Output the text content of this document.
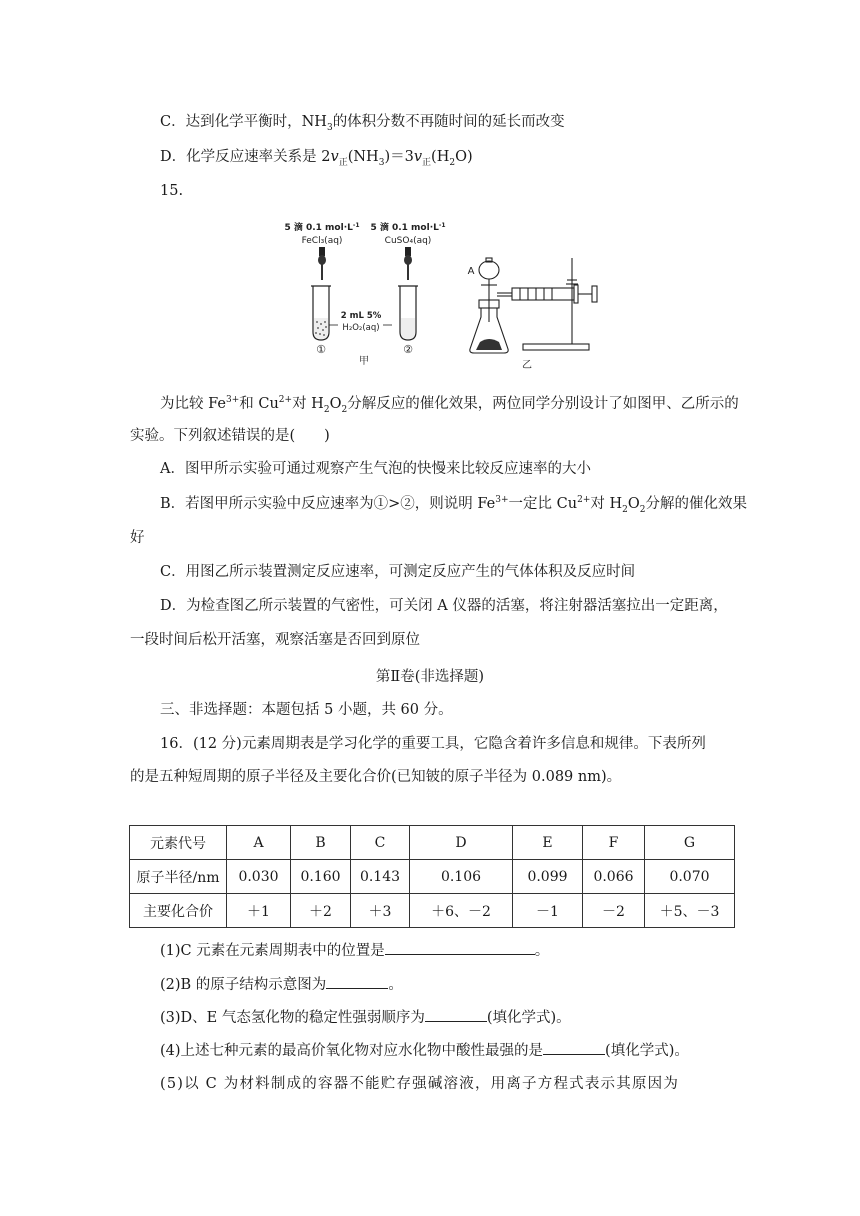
C．达到化学平衡时，$NH_3$的体积分数不再随时间的延长而改变
D．化学反应速率关系是 $2v_正(NH_3)=3v_正(H_2O)$
15.
5 滴 0.1 $mol\cdot L^{-1}$
FeCl₃(aq)
①
2 mL 5%
H₂O₂(aq)
5 滴 0.1 $mol\cdot L^{-1}$
CuSO₄(aq)
②
甲
A
乙
为比较 $Fe^{3+}$和 $Cu^{2+}$对 $H_2O_2$分解反应的催化效果，两位同学分别设计了如图甲、乙所示的
实验。下列叙述错误的是(　　)
A．图甲所示实验可通过观察产生气泡的快慢来比较反应速率的大小
B．若图甲所示实验中反应速率为①>②，则说明 $Fe^{3+}$一定比 $Cu^{2+}$对 $H_2O_2$分解的催化效果
好
C．用图乙所示装置测定反应速率，可测定反应产生的气体体积及反应时间
D．为检查图乙所示装置的气密性，可关闭 A 仪器的活塞，将注射器活塞拉出一定距离，
一段时间后松开活塞，观察活塞是否回到原位
第Ⅱ卷(非选择题)
三、非选择题：本题包括 5 小题，共 60 分。
16．(12 分)元素周期表是学习化学的重要工具，它隐含着许多信息和规律。下表所列
的是五种短周期的原子半径及主要化合价(已知铍的原子半径为 0.089 nm)。
元素代号	A	B	C	D	E	F	G
原子半径/nm	0.030	0.160	0.143	0.106	0.099	0.066	0.070
主要化合价	＋1	＋2	＋3	＋6、－2	－1	－2	＋5、－3
(1)C 元素在元素周期表中的位置是	。
(2)B 的原子结构示意图为	。
(3)D、E 气态氢化物的稳定性强弱顺序为	(填化学式)。
(4)上述七种元素的最高价氧化物对应水化物中酸性最强的是	(填化学式)。
(5)以 C 为材料制成的容器不能贮存强碱溶液，用离子方程式表示其原因为
